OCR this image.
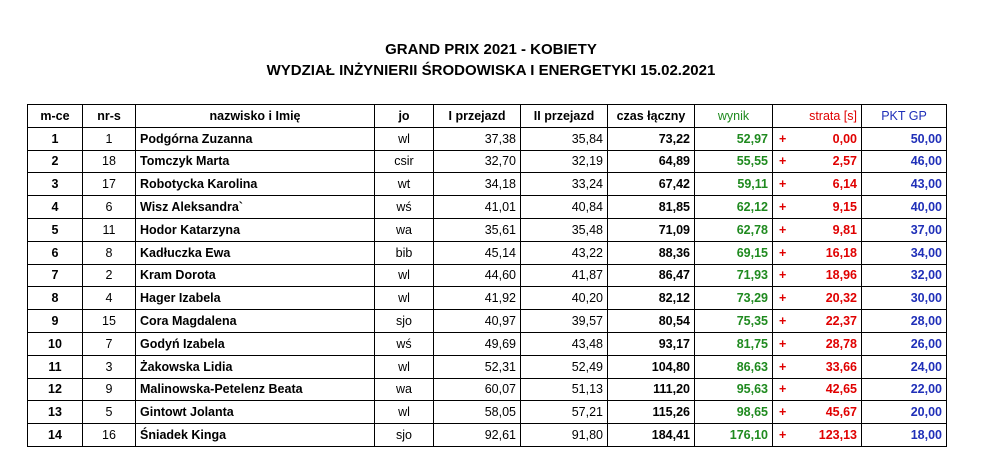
GRAND PRIX 2021 - KOBIETY
WYDZIAŁ INŻYNIERII ŚRODOWISKA I ENERGETYKI 15.02.2021
m-ce	nr-s	nazwisko i Imię	jo	I przejazd	II przejazd	czas łączny	wynik	strata [s]	PKT GP
1	1	Podgórna Zuzanna	wl	37,38	35,84	73,22	52,97	+ 0,00	50,00
2	18	Tomczyk Marta	csir	32,70	32,19	64,89	55,55	+ 2,57	46,00
3	17	Robotycka Karolina	wt	34,18	33,24	67,42	59,11	+ 6,14	43,00
4	6	Wisz Aleksandra`	wś	41,01	40,84	81,85	62,12	+ 9,15	40,00
5	11	Hodor Katarzyna	wa	35,61	35,48	71,09	62,78	+ 9,81	37,00
6	8	Kadłuczka Ewa	bib	45,14	43,22	88,36	69,15	+ 16,18	34,00
7	2	Kram Dorota	wl	44,60	41,87	86,47	71,93	+ 18,96	32,00
8	4	Hager Izabela	wl	41,92	40,20	82,12	73,29	+ 20,32	30,00
9	15	Cora Magdalena	sjo	40,97	39,57	80,54	75,35	+ 22,37	28,00
10	7	Godyń Izabela	wś	49,69	43,48	93,17	81,75	+ 28,78	26,00
11	3	Żakowska Lidia	wl	52,31	52,49	104,80	86,63	+ 33,66	24,00
12	9	Malinowska-Petelenz Beata	wa	60,07	51,13	111,20	95,63	+ 42,65	22,00
13	5	Gintowt Jolanta	wl	58,05	57,21	115,26	98,65	+ 45,67	20,00
14	16	Śniadek Kinga	sjo	92,61	91,80	184,41	176,10	+ 123,13	18,00
